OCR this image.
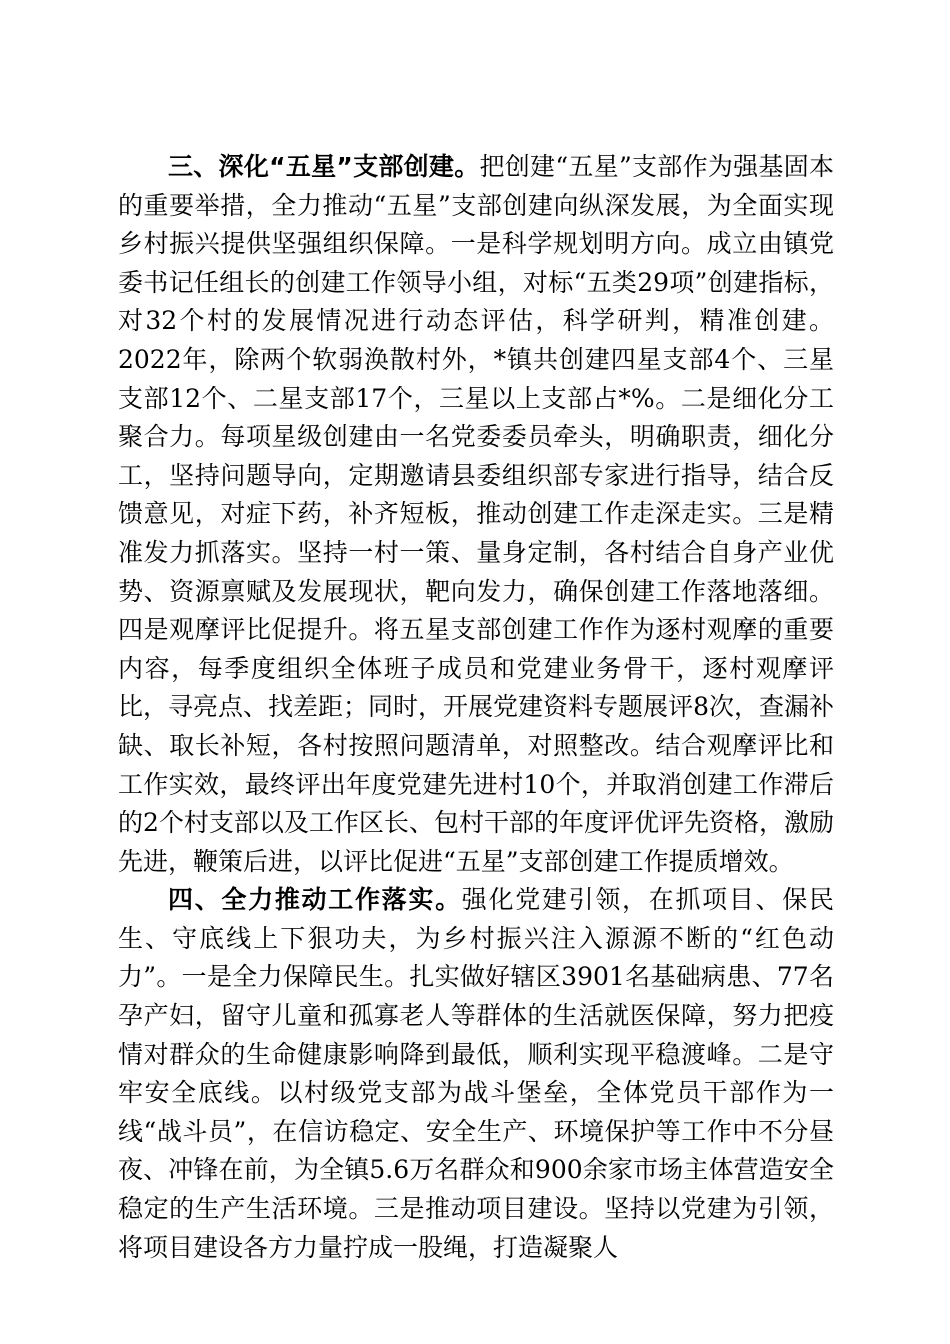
三、深化“五星”支部创建。把创建“五星”支部作为强基固本的重要举措，全力推动“五星”支部创建向纵深发展，为全面实现乡村振兴提供坚强组织保障。一是科学规划明方向。成立由镇党委书记任组长的创建工作领导小组，对标“五类29项”创建指标，对32个村的发展情况进行动态评估，科学研判，精准创建。2022年，除两个软弱涣散村外，*镇共创建四星支部4个、三星支部12个、二星支部17个，三星以上支部占*%。二是细化分工聚合力。每项星级创建由一名党委委员牵头，明确职责，细化分工，坚持问题导向，定期邀请县委组织部专家进行指导，结合反馈意见，对症下药，补齐短板，推动创建工作走深走实。三是精准发力抓落实。坚持一村一策、量身定制，各村结合自身产业优势、资源禀赋及发展现状，靶向发力，确保创建工作落地落细。四是观摩评比促提升。将五星支部创建工作作为逐村观摩的重要内容，每季度组织全体班子成员和党建业务骨干，逐村观摩评比，寻亮点、找差距；同时，开展党建资料专题展评8次，查漏补缺、取长补短，各村按照问题清单，对照整改。结合观摩评比和工作实效，最终评出年度党建先进村10个，并取消创建工作滞后的2个村支部以及工作区长、包村干部的年度评优评先资格，激励先进，鞭策后进，以评比促进“五星”支部创建工作提质增效。

四、全力推动工作落实。强化党建引领，在抓项目、保民生、守底线上下狠功夫，为乡村振兴注入源源不断的“红色动力”。一是全力保障民生。扎实做好辖区3901名基础病患、77名孕产妇，留守儿童和孤寡老人等群体的生活就医保障，努力把疫情对群众的生命健康影响降到最低，顺利实现平稳渡峰。二是守牢安全底线。以村级党支部为战斗堡垒，全体党员干部作为一线“战斗员”，在信访稳定、安全生产、环境保护等工作中不分昼夜、冲锋在前，为全镇5.6万名群众和900余家市场主体营造安全稳定的生产生活环境。三是推动项目建设。坚持以党建为引领，将项目建设各方力量拧成一股绳，打造凝聚人
